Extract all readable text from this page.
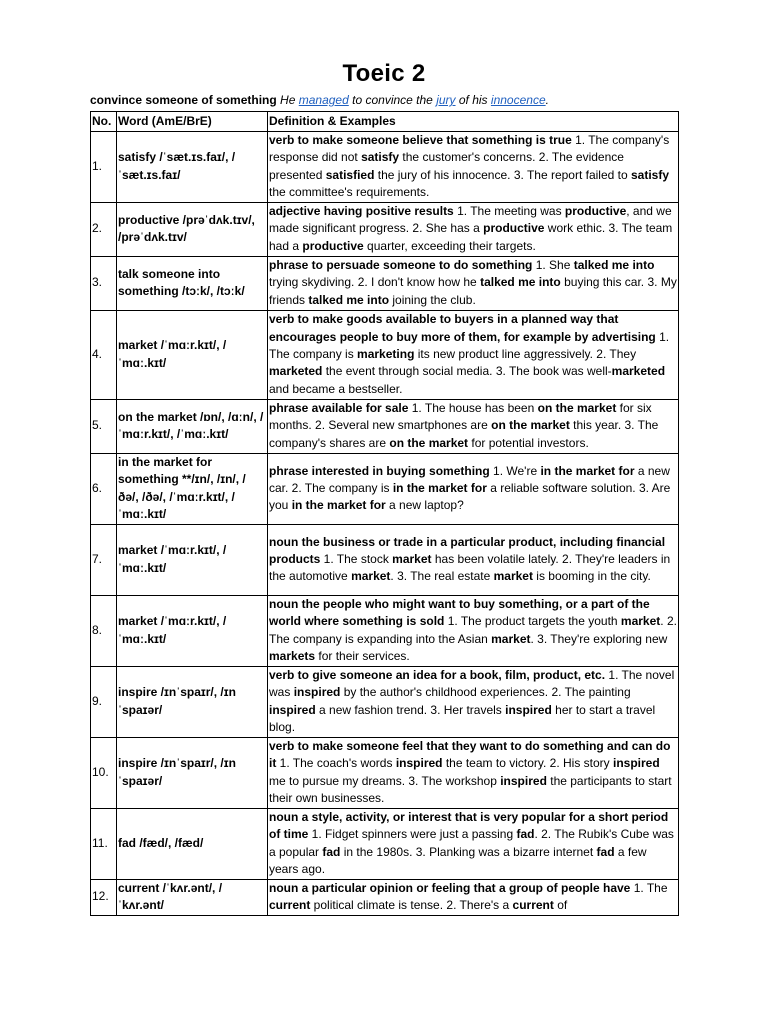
Toeic 2
convince someone of something He managed to convince the jury of his innocence.
No.	Word (AmE/BrE)	Definition & Examples
1.	satisfy /ˈsæt.ɪs.faɪ/, /ˈsæt.ɪs.faɪ/	verb to make someone believe that something is true 1. The company's response did not satisfy the customer's concerns. 2. The evidence presented satisfied the jury of his innocence. 3. The report failed to satisfy the committee's requirements.
2.	productive /prəˈdʌk.tɪv/, /prəˈdʌk.tɪv/	adjective having positive results 1. The meeting was productive, and we made significant progress. 2. She has a productive work ethic. 3. The team had a productive quarter, exceeding their targets.
3.	talk someone into something /tɔːk/, /tɔːk/	phrase to persuade someone to do something 1. She talked me into trying skydiving. 2. I don't know how he talked me into buying this car. 3. My friends talked me into joining the club.
4.	market /ˈmɑːr.kɪt/, /ˈmɑː.kɪt/	verb to make goods available to buyers in a planned way that encourages people to buy more of them, for example by advertising 1. The company is marketing its new product line aggressively. 2. They marketed the event through social media. 3. The book was well-marketed and became a bestseller.
5.	on the market /ɒn/, /ɑːn/, /ˈmɑːr.kɪt/, /ˈmɑː.kɪt/	phrase available for sale 1. The house has been on the market for six months. 2. Several new smartphones are on the market this year. 3. The company's shares are on the market for potential investors.
6.	in the market for something **/ɪn/, /ɪn/, /ðə/, /ðə/, /ˈmɑːr.kɪt/, /ˈmɑː.kɪt/	phrase interested in buying something 1. We're in the market for a new car. 2. The company is in the market for a reliable software solution. 3. Are you in the market for a new laptop?
7.	market /ˈmɑːr.kɪt/, /ˈmɑː.kɪt/	noun the business or trade in a particular product, including financial products 1. The stock market has been volatile lately. 2. They're leaders in the automotive market. 3. The real estate market is booming in the city.
8.	market /ˈmɑːr.kɪt/, /ˈmɑː.kɪt/	noun the people who might want to buy something, or a part of the world where something is sold 1. The product targets the youth market. 2. The company is expanding into the Asian market. 3. They're exploring new markets for their services.
9.	inspire /ɪnˈspaɪr/, /ɪnˈspaɪər/	verb to give someone an idea for a book, film, product, etc. 1. The novel was inspired by the author's childhood experiences. 2. The painting inspired a new fashion trend. 3. Her travels inspired her to start a travel blog.
10.	inspire /ɪnˈspaɪr/, /ɪnˈspaɪər/	verb to make someone feel that they want to do something and can do it 1. The coach's words inspired the team to victory. 2. His story inspired me to pursue my dreams. 3. The workshop inspired the participants to start their own businesses.
11.	fad /fæd/, /fæd/	noun a style, activity, or interest that is very popular for a short period of time 1. Fidget spinners were just a passing fad. 2. The Rubik's Cube was a popular fad in the 1980s. 3. Planking was a bizarre internet fad a few years ago.
12.	current /ˈkʌr.ənt/, /ˈkʌr.ənt/	noun a particular opinion or feeling that a group of people have 1. The current political climate is tense. 2. There's a current of
